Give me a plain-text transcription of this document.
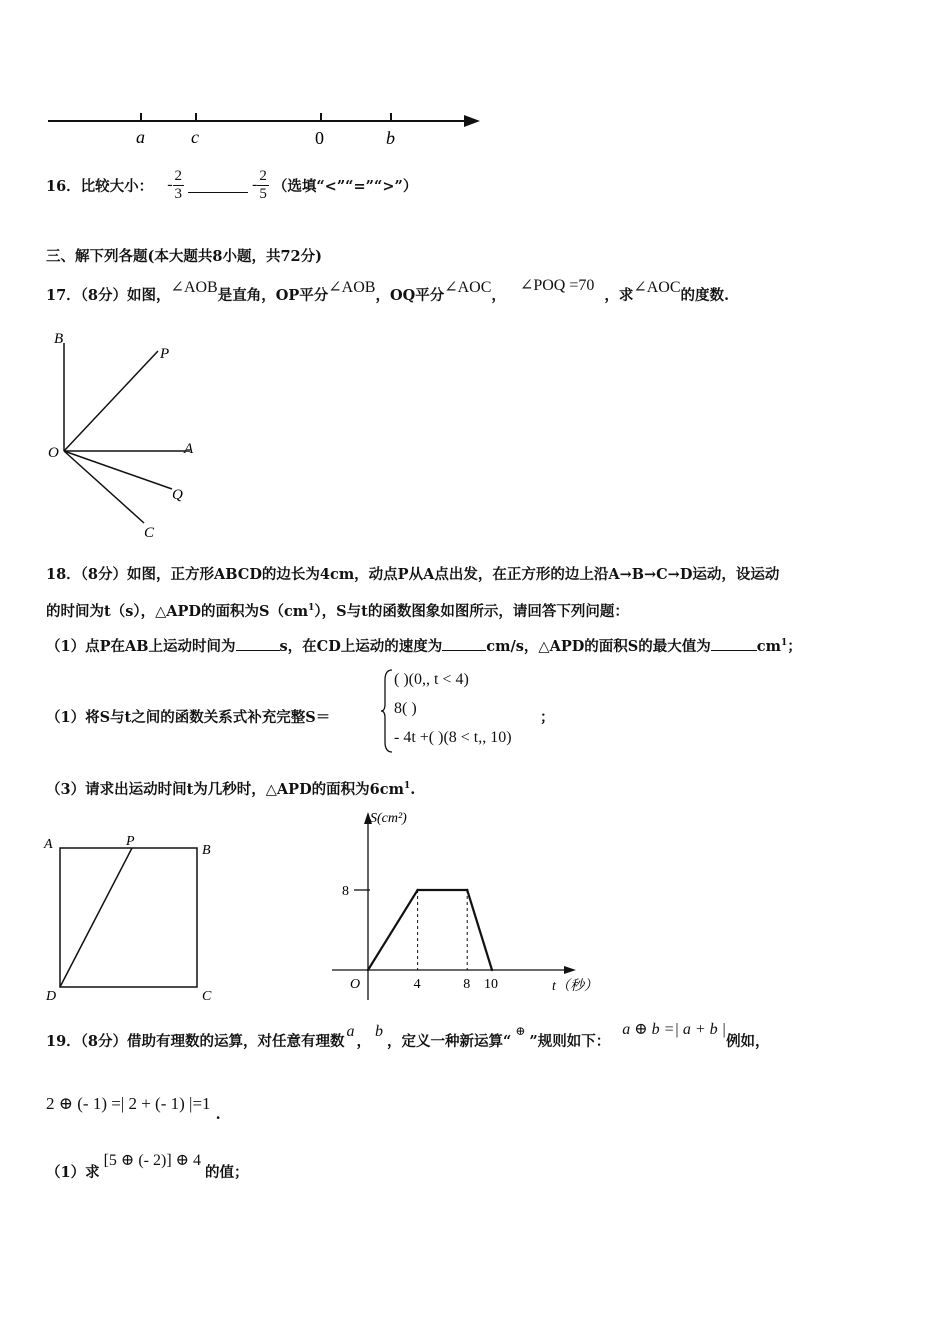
a	c	0	b
16．比较大小： - $\frac{2}{3}$	- $\frac{2}{5}$ （选填“<”“=”“>”）
三、解下列各题(本大题共8小题，共72分)
17．（8分）如图， ∠AOB 是直角，OP平分 ∠AOB ，OQ平分 ∠AOC ，
∠POQ =70
，求 ∠AOC 的度数.
B
P
O	A
Q
C
18．（8分）如图，正方形ABCD的边长为4cm，动点P从A点出发，在正方形的边上沿A→B→C→D运动，设运动
的时间为t（s），△APD的面积为$S(cm^1)$，S与t的函数图象如图所示，请回答下列问题：
（1）点P在AB上运动时间为	s，在CD上运动的速度为	cm/s，△APD的面积S的最大值为	$cm^1$；
（1）将S与t之间的函数关系式补充完整S＝
( )(0,, t < 4)
8( )
- 4t +( )(8 < t,, 10)
；
（3）请求出运动时间t为几秒时，△APD的面积为$6cm^1$.
A	P
B
D	C
S(cm²)
t（秒）
O
8
4	8 10
19．（8分）借助有理数的运算，对任意有理数
a
，
b
，定义一种新运算“
⊕
”规则如下：
a ⊕ b =| a + b |
例如，
2 ⊕ (- 1) =| 2 + (- 1) |=1 .
（1）求
[5 ⊕ (- 2)] ⊕ 4
的值；
